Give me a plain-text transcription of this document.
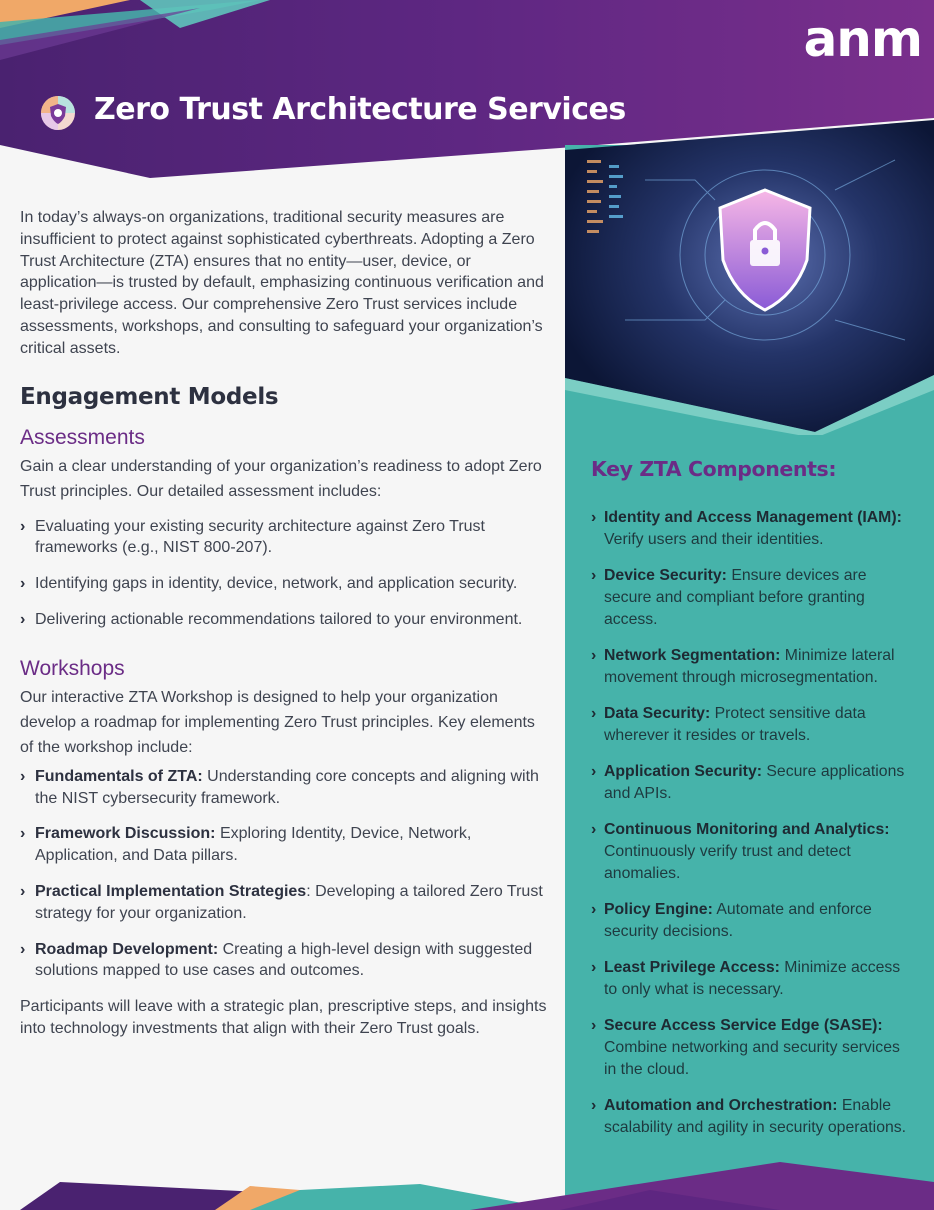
anm
Zero Trust Architecture Services

In today’s always-on organizations, traditional security measures are insufficient to protect against sophisticated cyberthreats. Adopting a Zero Trust Architecture (ZTA) ensures that no entity—user, device, or application—is trusted by default, emphasizing continuous verification and least-privilege access. Our comprehensive Zero Trust services include assessments, workshops, and consulting to safeguard your organization’s critical assets.

Engagement Models
Assessments

Gain a clear understanding of your organization’s readiness to adopt Zero Trust principles. Our detailed assessment includes:

› Evaluating your existing security architecture against Zero Trust frameworks (e.g., NIST 800-207).
› Identifying gaps in identity, device, network, and application security.
› Delivering actionable recommendations tailored to your environment.
Workshops

Our interactive ZTA Workshop is designed to help your organization develop a roadmap for implementing Zero Trust principles. Key elements of the workshop include:

› Fundamentals of ZTA: Understanding core concepts and aligning with the NIST cybersecurity framework.
› Framework Discussion: Exploring Identity, Device, Network, Application, and Data pillars.
› Practical Implementation Strategies: Developing a tailored Zero Trust strategy for your organization.
› Roadmap Development: Creating a high-level design with suggested solutions mapped to use cases and outcomes.

Participants will leave with a strategic plan, prescriptive steps, and insights into technology investments that align with their Zero Trust goals.

Key ZTA Components:
› Identity and Access Management (IAM): Verify users and their identities.
› Device Security: Ensure devices are secure and compliant before granting access.
› Network Segmentation: Minimize lateral movement through microsegmentation.
› Data Security: Protect sensitive data wherever it resides or travels.
› Application Security: Secure applications and APIs.
› Continuous Monitoring and Analytics: Continuously verify trust and detect anomalies.
› Policy Engine: Automate and enforce security decisions.
› Least Privilege Access: Minimize access to only what is necessary.
› Secure Access Service Edge (SASE): Combine networking and security services in the cloud.
› Automation and Orchestration: Enable scalability and agility in security operations.
